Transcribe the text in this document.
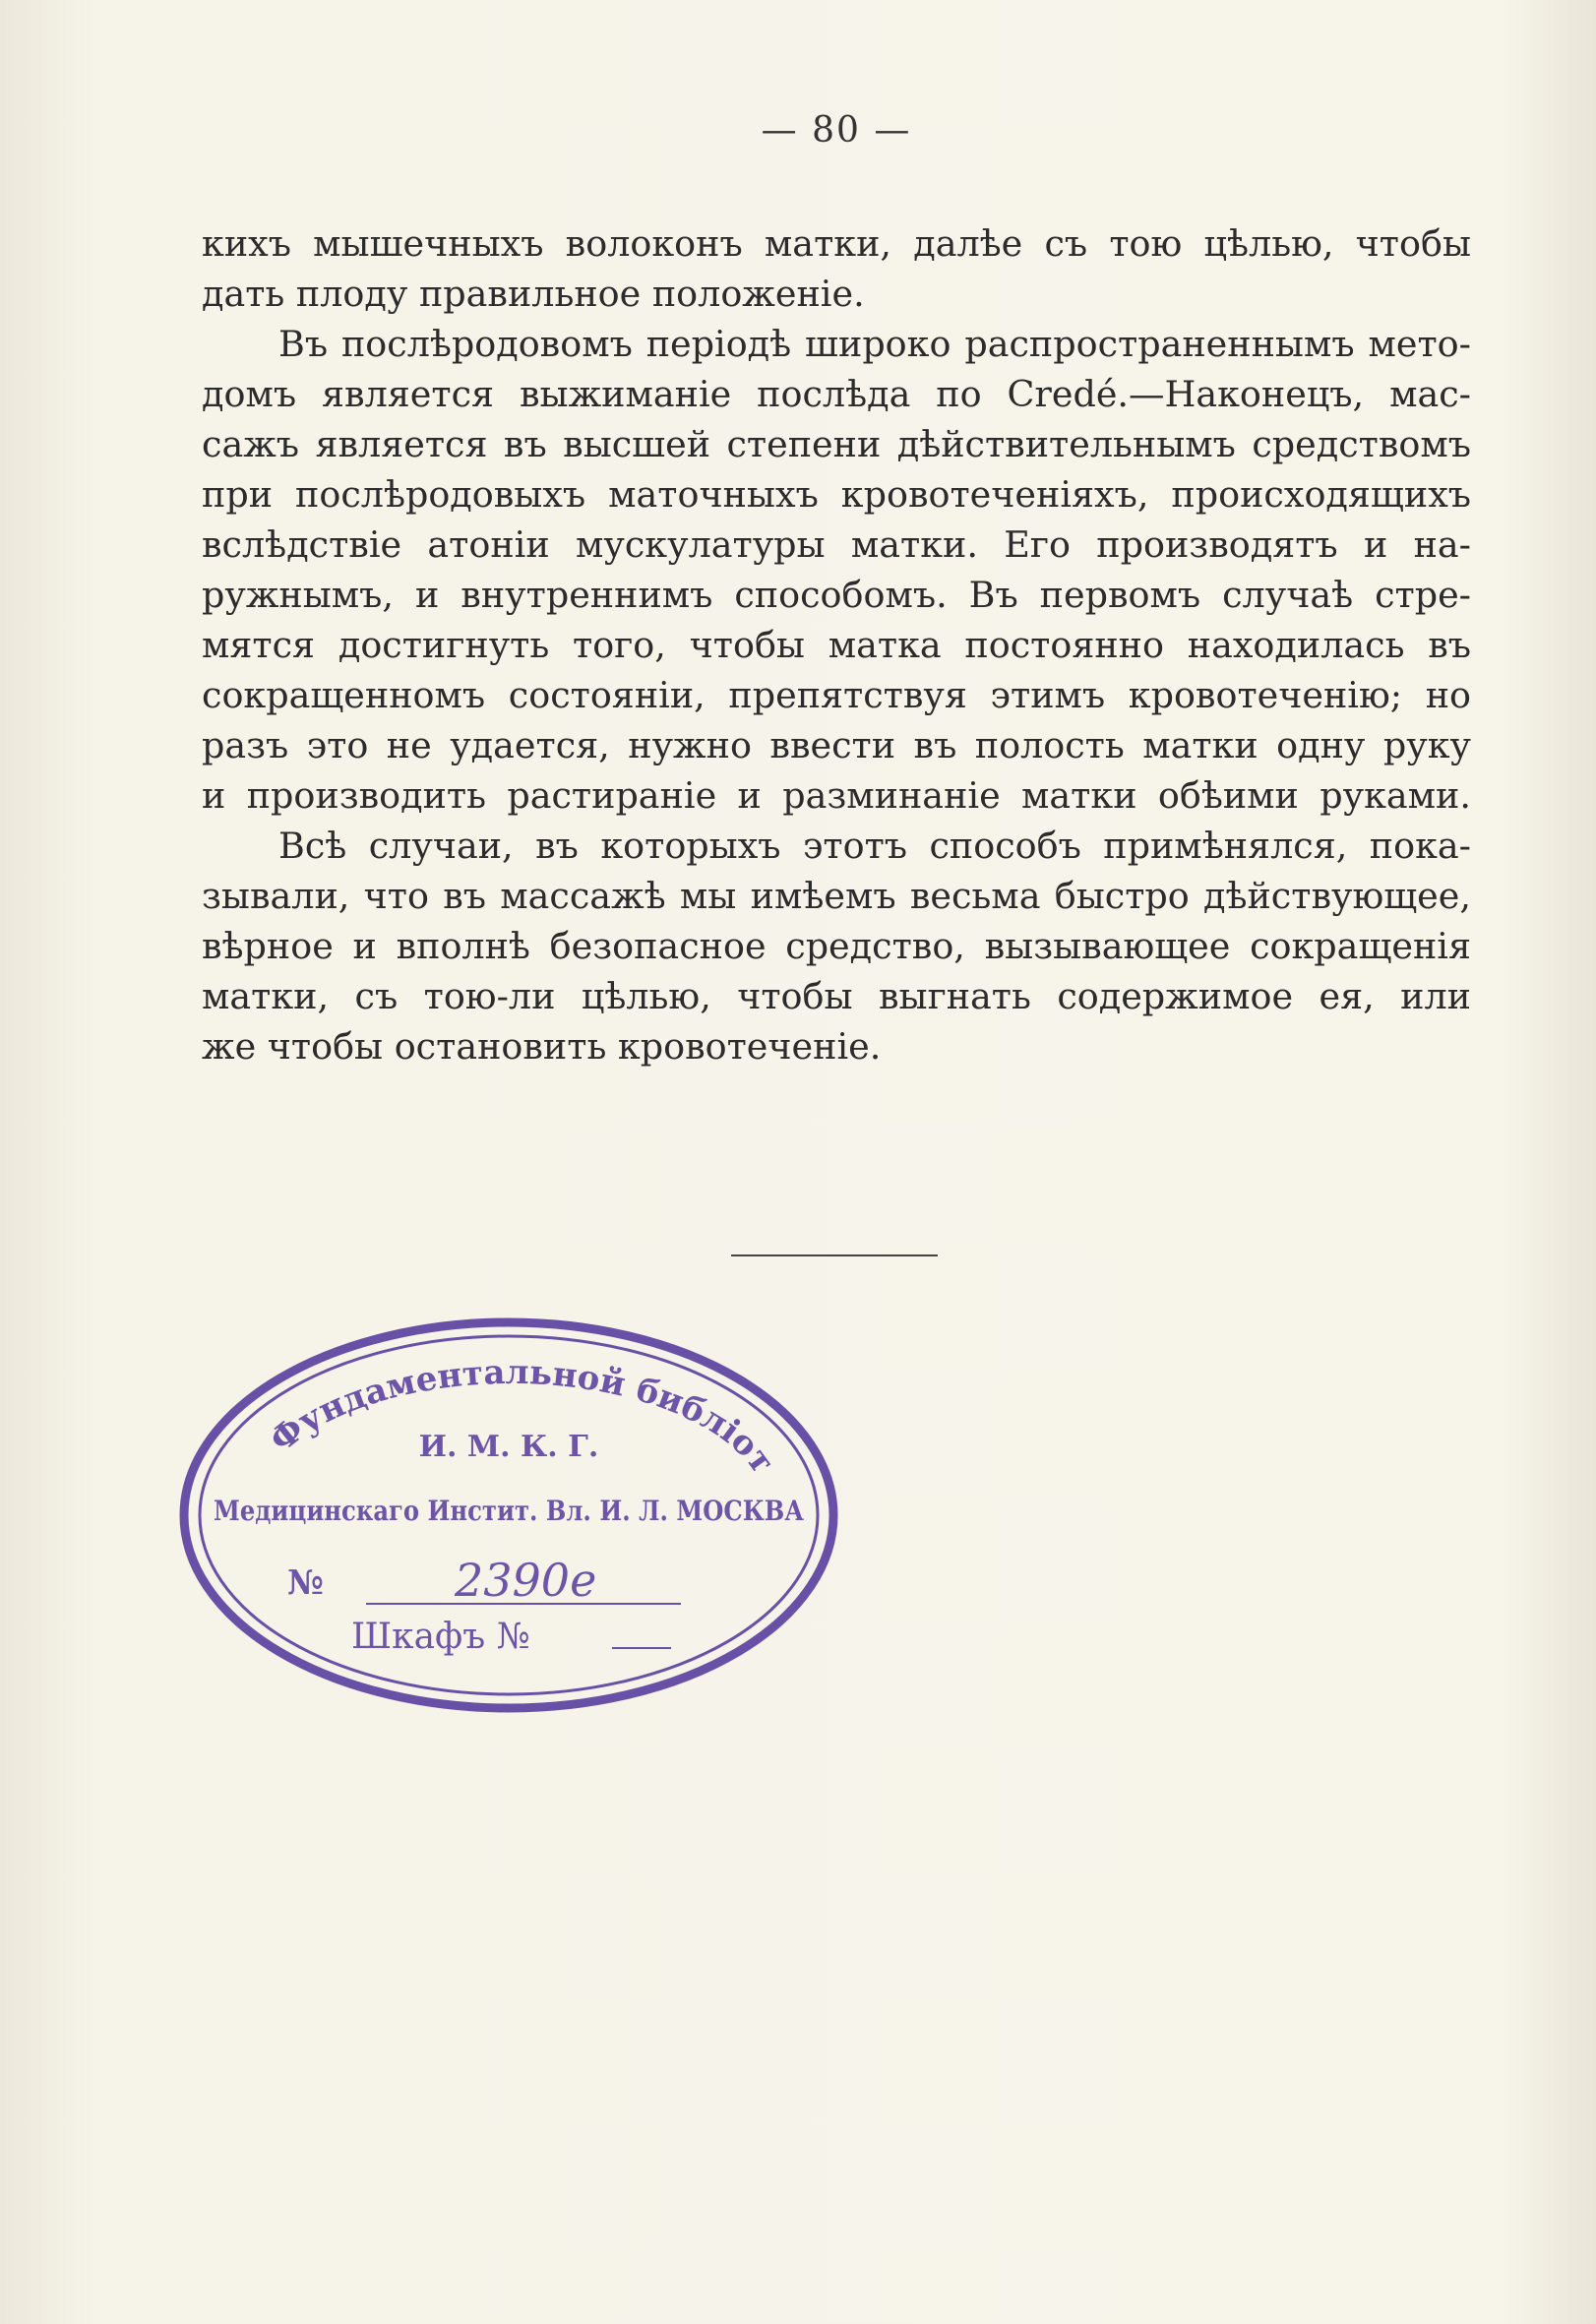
— 80 —
кихъ мышечныхъ волоконъ матки, далѣе съ тою цѣлью, чтобы
дать плоду правильное положеніе.
Въ послѣродовомъ періодѣ широко распространеннымъ мето-
домъ является выжиманіе послѣда по Credé.—Наконецъ, мас-
сажъ является въ высшей степени дѣйствительнымъ средствомъ
при послѣродовыхъ маточныхъ кровотеченіяхъ, происходящихъ
вслѣдствіе атоніи мускулатуры матки. Его производятъ и на-
ружнымъ, и внутреннимъ способомъ. Въ первомъ случаѣ стре-
мятся достигнуть того, чтобы матка постоянно находилась въ
сокращенномъ состояніи, препятствуя этимъ кровотеченію; но
разъ это не удается, нужно ввести въ полость матки одну руку
и производить растираніе и разминаніе матки обѣими руками.
Всѣ случаи, въ которыхъ этотъ способъ примѣнялся, пока-
зывали, что въ массажѣ мы имѣемъ весьма быстро дѣйствующее,
вѣрное и вполнѣ безопасное средство, вызывающее сокращенія
матки, съ тою-ли цѣлью, чтобы выгнать содержимое ея, или
же чтобы остановить кровотеченіе.
Фундаментальной библіот
И. М. К. Г.
Медицинскаго Инстит. Вл. И. Л. МОСКВА
№	2390е
Шкафъ №
